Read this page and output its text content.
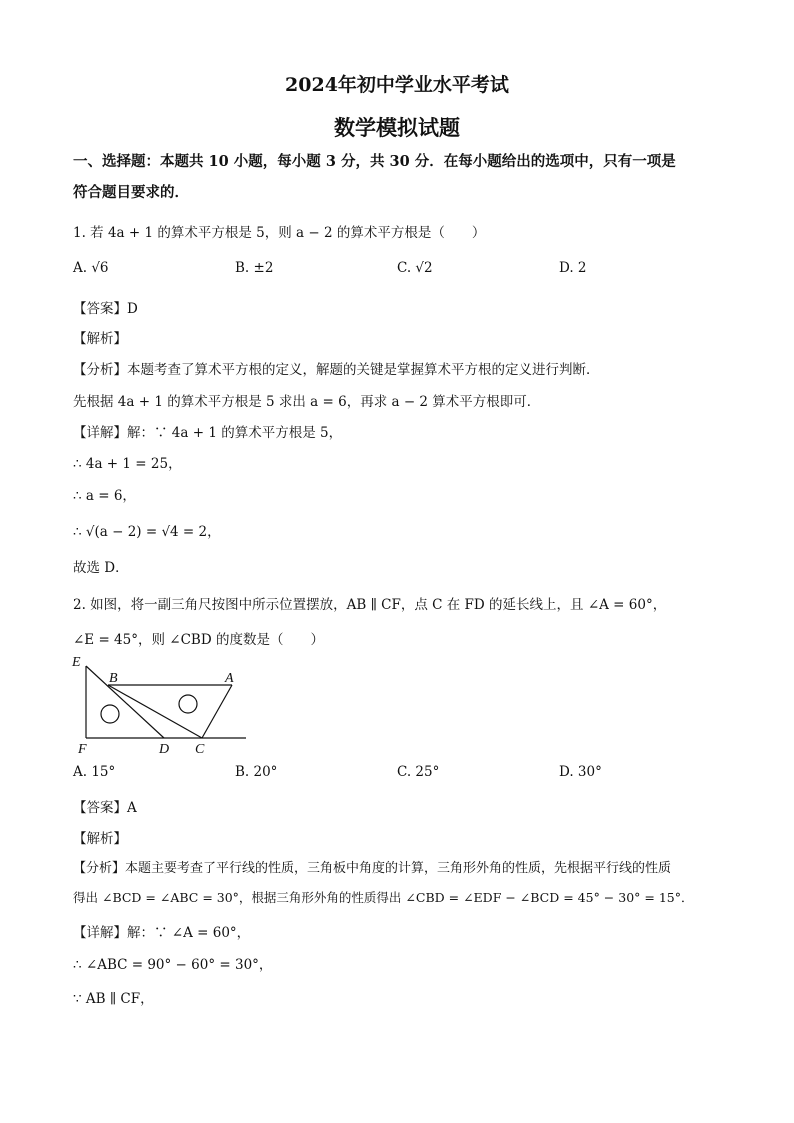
2024年初中学业水平考试
数学模拟试题
一、选择题：本题共 10 小题，每小题 3 分，共 30 分．在每小题给出的选项中，只有一项是
符合题目要求的．
1. 若 4a + 1 的算术平方根是 5，则 a − 2 的算术平方根是（　　）
A. √6	B. ±2	C. √2	D. 2
【答案】D
【解析】
【分析】本题考查了算术平方根的定义，解题的关键是掌握算术平方根的定义进行判断．
先根据 4a + 1 的算术平方根是 5 求出 a = 6，再求 a − 2 算术平方根即可．
【详解】解：∵ 4a + 1 的算术平方根是 5，
∴ 4a + 1 = 25，
∴ a = 6，
∴ √(a − 2) = √4 = 2，
故选 D．
2. 如图，将一副三角尺按图中所示位置摆放，AB ∥ CF，点 C 在 FD 的延长线上，且 ∠A = 60°，
∠E = 45°，则 ∠CBD 的度数是（　　）
E
B	A
F	D C
A. 15°	B. 20°	C. 25°	D. 30°
【答案】A
【解析】
【分析】本题主要考查了平行线的性质，三角板中角度的计算，三角形外角的性质，先根据平行线的性质
得出 ∠BCD = ∠ABC = 30°，根据三角形外角的性质得出 ∠CBD = ∠EDF − ∠BCD = 45° − 30° = 15°．
【详解】解：∵ ∠A = 60°，
∴ ∠ABC = 90° − 60° = 30°，
∵ AB ∥ CF，
